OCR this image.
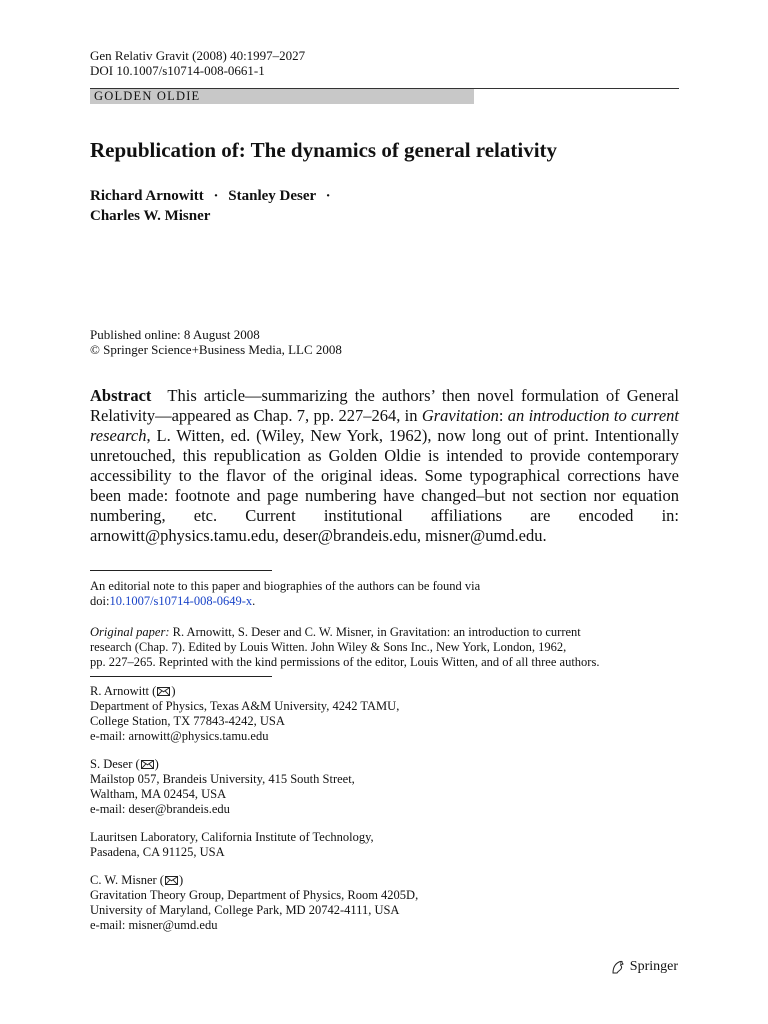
Gen Relativ Gravit (2008) 40:1997–2027
DOI 10.1007/s10714-008-0661-1
GOLDEN OLDIE
Republication of: The dynamics of general relativity
Richard Arnowitt · Stanley Deser ·
Charles W. Misner
Published online: 8 August 2008
© Springer Science+Business Media, LLC 2008
Abstract This article—summarizing the authors’ then novel formulation of General Relativity—appeared as Chap. 7, pp. 227–264, in Gravitation: an introduction to current research, L. Witten, ed. (Wiley, New York, 1962), now long out of print. Intentionally unretouched, this republication as Golden Oldie is intended to provide contemporary accessibility to the flavor of the original ideas. Some typographical corrections have been made: footnote and page numbering have changed–but not section nor equation numbering, etc. Current institutional affiliations are encoded in: arnowitt@physics.tamu.edu, deser@brandeis.edu, misner@umd.edu.
An editorial note to this paper and biographies of the authors can be found via
doi:10.1007/s10714-008-0649-x.
Original paper: R. Arnowitt, S. Deser and C. W. Misner, in Gravitation: an introduction to current
research (Chap. 7). Edited by Louis Witten. John Wiley & Sons Inc., New York, London, 1962,
pp. 227–265. Reprinted with the kind permissions of the editor, Louis Witten, and of all three authors.
R. Arnowitt ( )
Department of Physics, Texas A&M University, 4242 TAMU,
College Station, TX 77843-4242, USA
e-mail: arnowitt@physics.tamu.edu
S. Deser ( )
Mailstop 057, Brandeis University, 415 South Street,
Waltham, MA 02454, USA
e-mail: deser@brandeis.edu
Lauritsen Laboratory, California Institute of Technology,
Pasadena, CA 91125, USA
C. W. Misner ( )
Gravitation Theory Group, Department of Physics, Room 4205D,
University of Maryland, College Park, MD 20742-4111, USA
e-mail: misner@umd.edu
Springer
